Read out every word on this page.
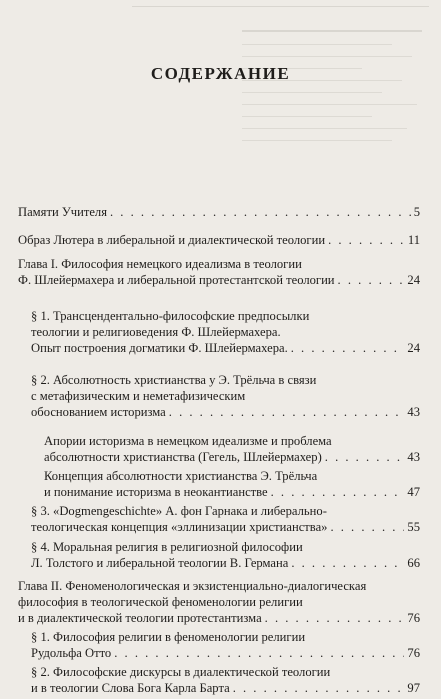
СОДЕРЖАНИЕ
Памяти Учителя . . .	5
Образ Лютера в либеральной и диалектической теологии . . .	11
Глава I. Философия немецкого идеализма в теологии
Ф. Шлейермахера и либеральной протестантской теологии . . .	24
§ 1. Трансцендентально-философские предпосылки
теологии и религиоведения Ф. Шлейермахера.
Опыт построения догматики Ф. Шлейермахера. . . .	24
§ 2. Абсолютность христианства у Э. Трёльча в связи
с метафизическим и неметафизическим
обоснованием историзма . . .	43
Апории историзма в немецком идеализме и проблема
абсолютности христианства (Гегель, Шлейермахер) . . .	43
Концепция абсолютности христианства Э. Трёльча
и понимание историзма в неокантианстве . . .	47
§ 3. «Dogmengeschichte» А. фон Гарнака и либерально-
теологическая концепция «эллинизации христианства» . . .	55
§ 4. Моральная религия в религиозной философии
Л. Толстого и либеральной теологии В. Германа . . .	66
Глава II. Феноменологическая и экзистенциально-диалогическая
философия в теологической феноменологии религии
и в диалектической теологии протестантизма . . .	76
§ 1. Философия религии в феноменологии религии
Рудольфа Отто . . .	76
§ 2. Философские дискурсы в диалектической теологии
и в теологии Слова Бога Карла Барта . . .	97
